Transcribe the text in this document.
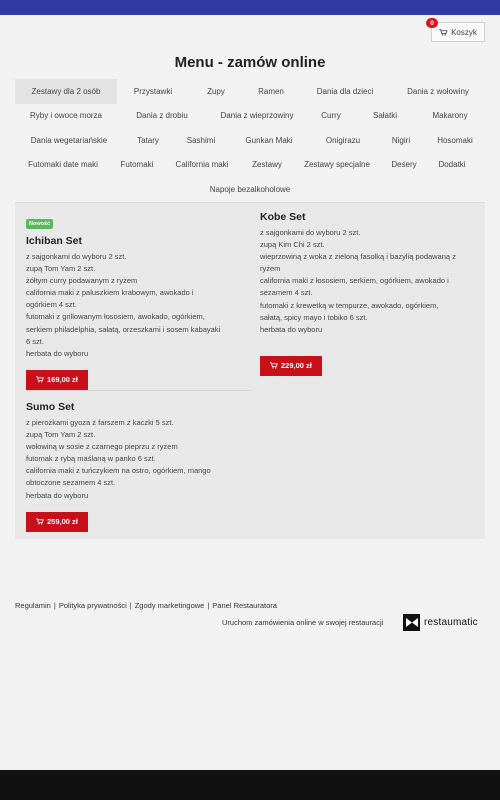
0
Koszyk
Menu - zamów online
Zestawy dla 2 osób	Przystawki	Zupy	Ramen	Dania dla dzieci	Dania z wołowiny
Ryby i owoce morza	Dania z drobiu	Dania z wieprzowiny	Curry	Sałatki	Makarony
Dania wegetariańskie	Tatary	Sashimi	Gunkan Maki	Onigirazu	Nigiri	Hosomaki
Futomaki date maki	Futomaki	California maki	Zestawy	Zestawy specjalne	Desery	Dodatki
Napoje bezalkoholowe
Nowość
Ichiban Set
z sajgonkami do wyboru 2 szt.
zupą Tom Yam 2 szt.
żółtym curry podawanym z ryżem
california maki z paluszkiem krabowym, awokado i
ogórkiem 4 szt.
futomaki z grillowanym łososiem, awokado, ogórkiem,
serkiem philadelphia, sałatą, orzeszkami i sosem kabayaki
6 szt.
herbata do wyboru
169,00 zł
Kobe Set
z sajgonkami do wyboru 2 szt.
zupą Kim Chi 2 szt.
wieprzowiną z woka z zieloną fasolką i bazylią podawaną z
ryżem
california maki z łososiem, serkiem, ogórkiem, awokado i
sezamem 4 szt.
futomaki z krewetką w tempurze, awokado, ogórkiem,
sałatą, spicy mayo i tobiko 6 szt.
herbata do wyboru
229,00 zł
Sumo Set
z pierożkami gyoza z farszem z kaczki 5 szt.
zupą Tom Yam 2 szt.
wołowiną w sosie z czarnego pieprzu z ryżem
futomak z rybą maślaną w panko 6 szt.
california maki z tuńczykiem na ostro, ogórkiem, mango
obtoczone sezamem 4 szt.
herbata do wyboru
259,00 zł
Regulamin | Polityka prywatności | Zgody marketingowe | Panel Restauratora
Uruchom zamówienia online w swojej restauracji	restaumatic
